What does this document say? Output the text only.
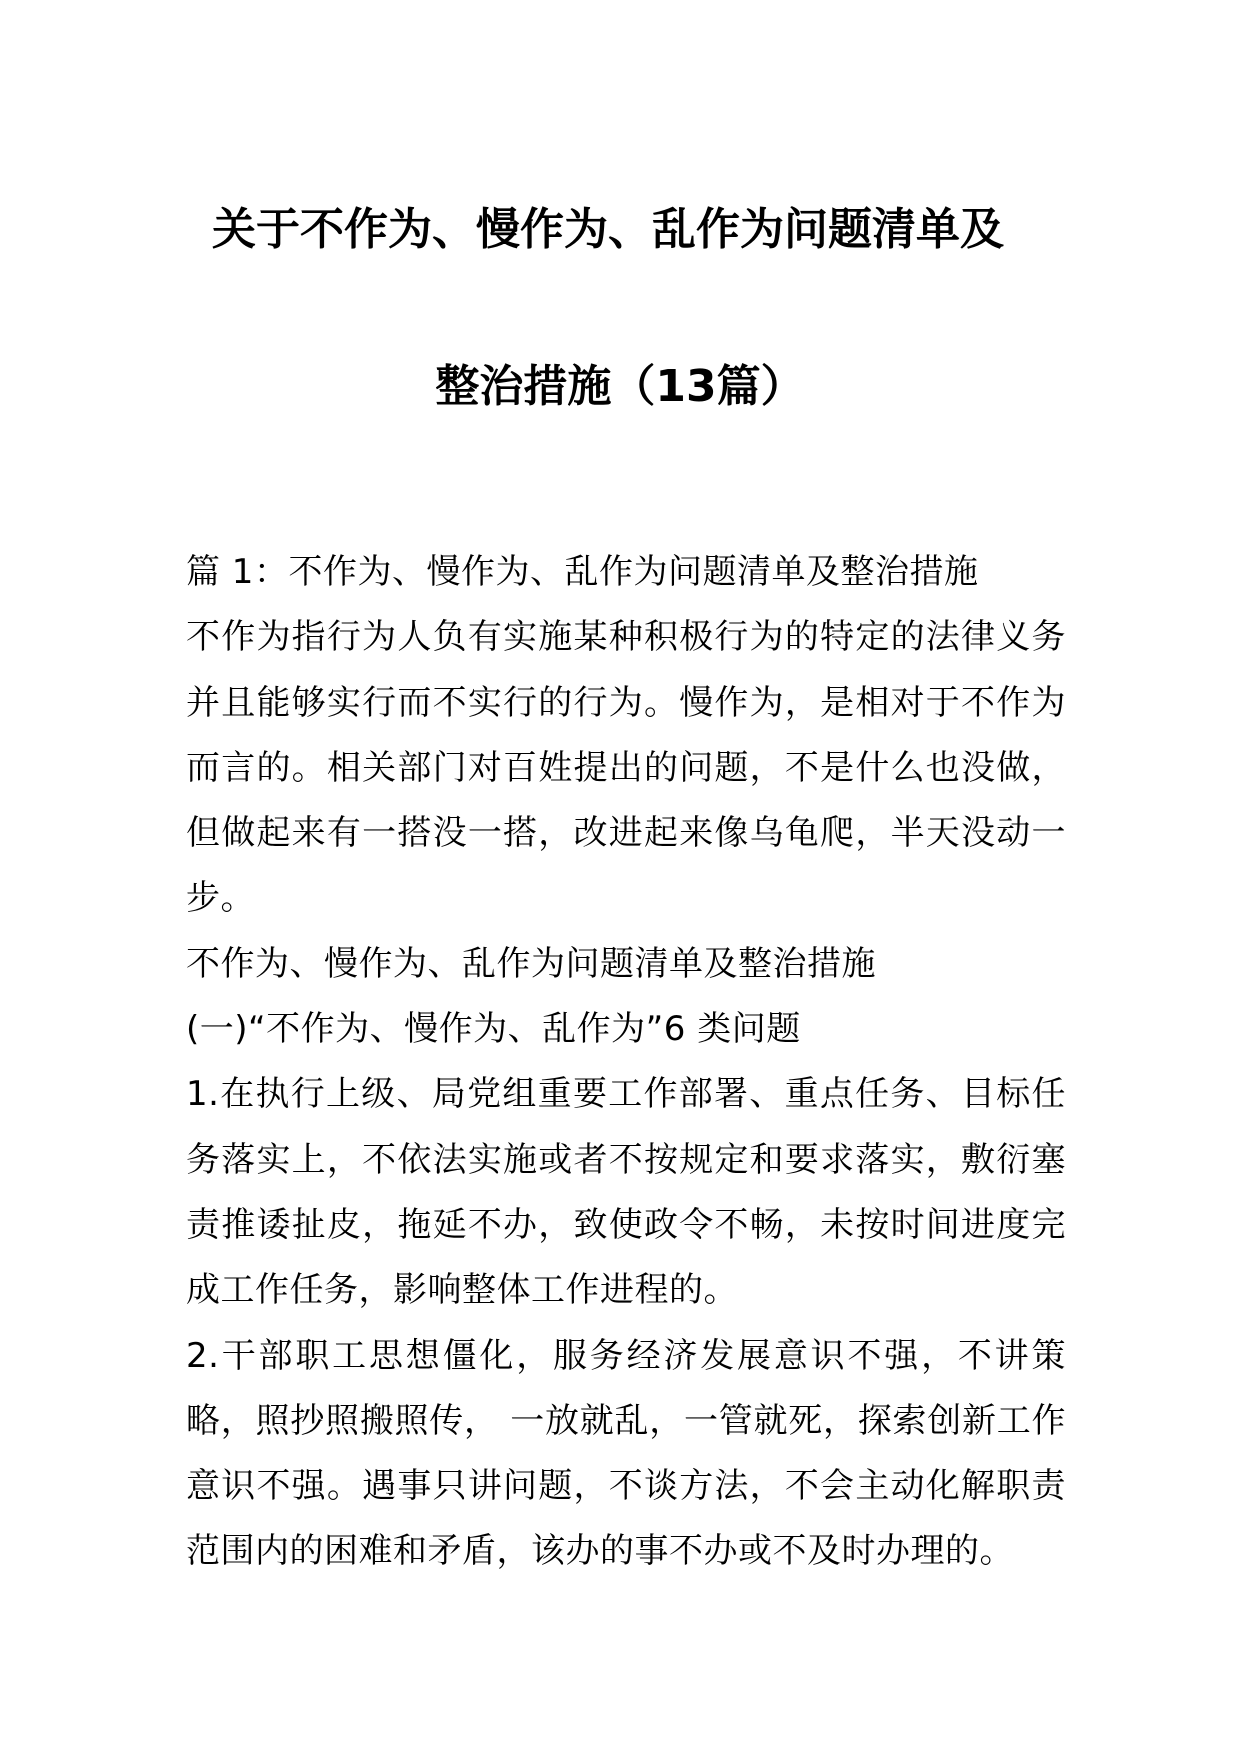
关于不作为、慢作为、乱作为问题清单及
整治措施（13篇）

篇 1：不作为、慢作为、乱作为问题清单及整治措施

不作为指行为人负有实施某种积极行为的特定的法律义务并且能够实行而不实行的行为。慢作为，是相对于不作为而言的。相关部门对百姓提出的问题，不是什么也没做，但做起来有一搭没一搭，改进起来像乌龟爬，半天没动一步。

不作为、慢作为、乱作为问题清单及整治措施

(一)“不作为、慢作为、乱作为”6 类问题

1.在执行上级、局党组重要工作部署、重点任务、目标任务落实上，不依法实施或者不按规定和要求落实，敷衍塞责推诿扯皮，拖延不办，致使政令不畅，未按时间进度完成工作任务，影响整体工作进程的。

2.干部职工思想僵化，服务经济发展意识不强，不讲策略，照抄照搬照传， 一放就乱，一管就死，探索创新工作意识不强。遇事只讲问题，不谈方法，不会主动化解职责范围内的困难和矛盾，该办的事不办或不及时办理的。
